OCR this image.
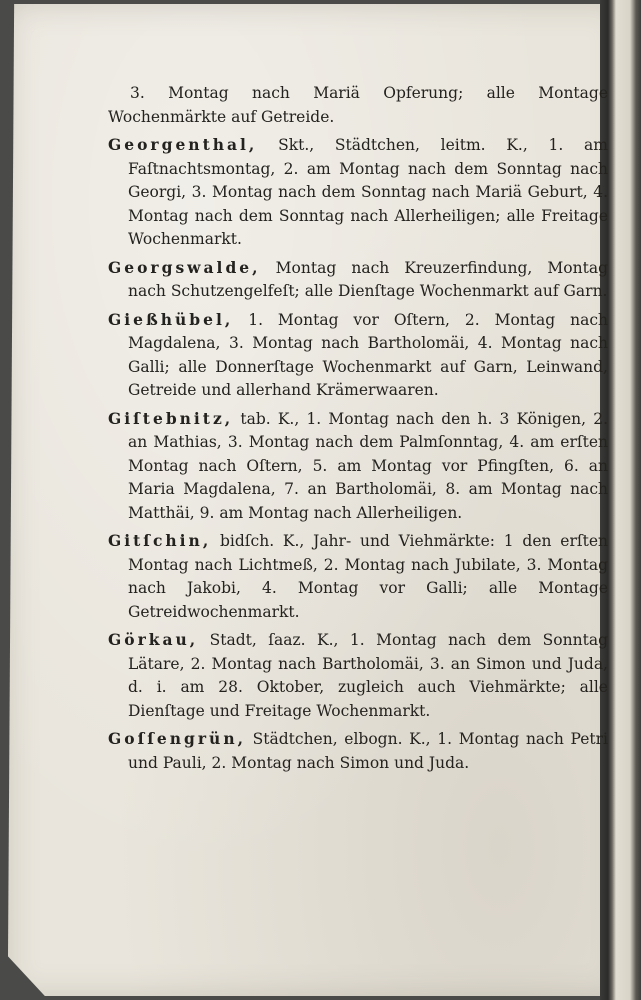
3. Montag nach Mariä Opferung; alle Montage Wochenmärkte auf Getreide.

Georgenthal, Skt., Städtchen, leitm. K., 1. am Faſtnachtsmontag, 2. am Montag nach dem Sonntag nach Georgi, 3. Montag nach dem Sonntag nach Mariä Geburt, 4. Montag nach dem Sonntag nach Allerheiligen; alle Freitage Wochenmarkt.

Georgswalde, Montag nach Kreuzerfindung, Montag nach Schutzengelfeſt; alle Dienſtage Wochenmarkt auf Garn.

Gießhübel, 1. Montag vor Oſtern, 2. Montag nach Magdalena, 3. Montag nach Bartholomäi, 4. Montag nach Galli; alle Donnerſtage Wochenmarkt auf Garn, Leinwand, Getreide und allerhand Krämerwaaren.

Giſtebnitz, tab. K., 1. Montag nach den h. 3 Königen, 2. an Mathias, 3. Montag nach dem Palmſonntag, 4. am erſten Montag nach Oſtern, 5. am Montag vor Pfingſten, 6. an Maria Magdalena, 7. an Bartholomäi, 8. am Montag nach Matthäi, 9. am Montag nach Allerheiligen.

Gitſchin, bidſch. K., Jahr- und Viehmärkte: 1 den erſten Montag nach Lichtmeß, 2. Montag nach Jubilate, 3. Montag nach Jakobi, 4. Montag vor Galli; alle Montage Getreidwochenmarkt.

Görkau, Stadt, ſaaz. K., 1. Montag nach dem Sonntag Lätare, 2. Montag nach Bartholomäi, 3. an Simon und Juda, d. i. am 28. Oktober, zugleich auch Viehmärkte; alle Dienſtage und Freitage Wochenmarkt.

Goſſengrün, Städtchen, elbogn. K., 1. Montag nach Petri und Pauli, 2. Montag nach Simon und Juda.
